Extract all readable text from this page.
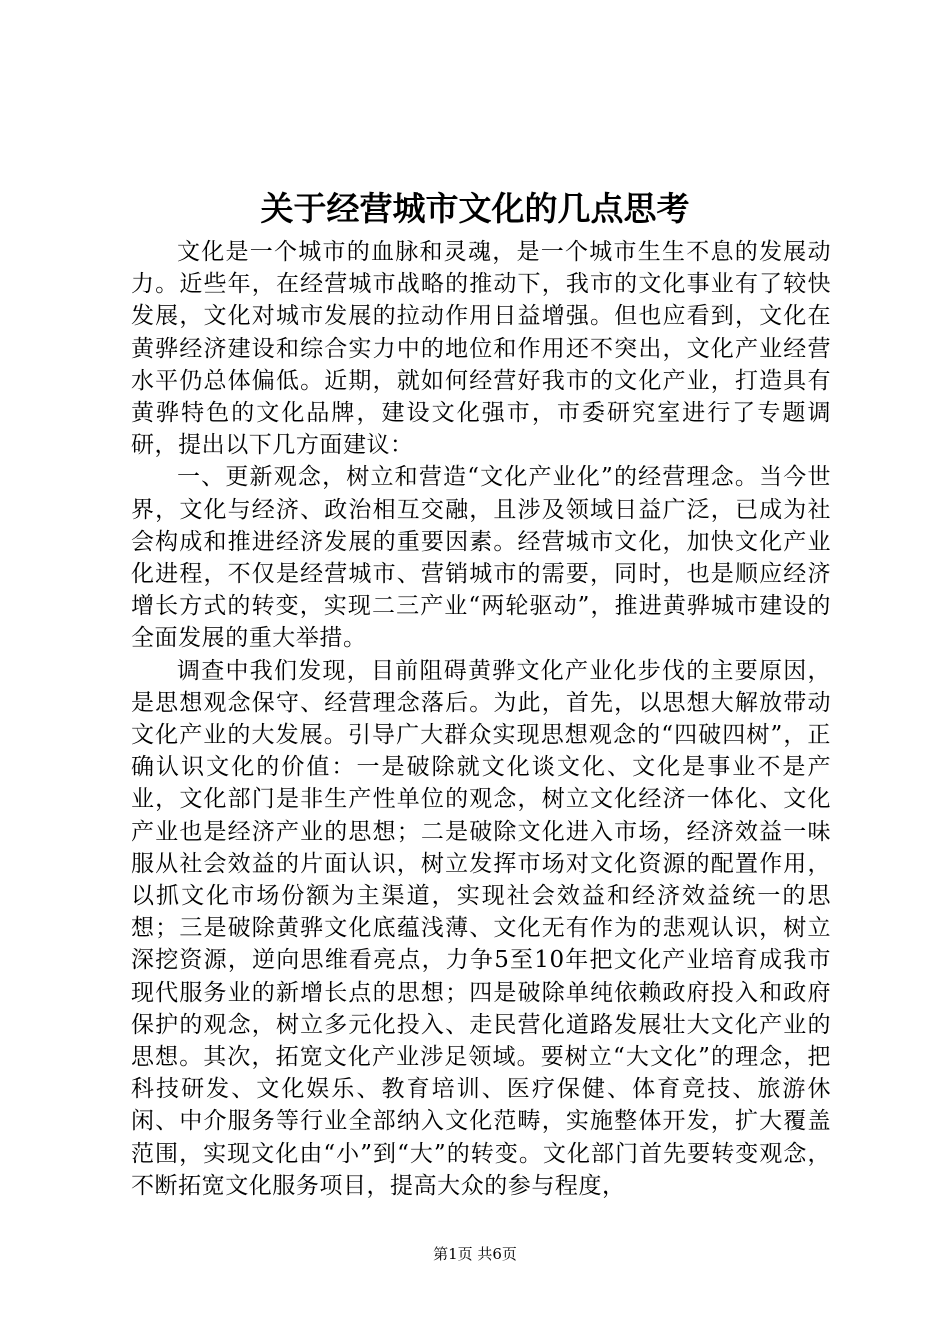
关于经营城市文化的几点思考

文化是一个城市的血脉和灵魂，是一个城市生生不息的发展动力。近些年，在经营城市战略的推动下，我市的文化事业有了较快发展，文化对城市发展的拉动作用日益增强。但也应看到，文化在黄骅经济建设和综合实力中的地位和作用还不突出，文化产业经营水平仍总体偏低。近期，就如何经营好我市的文化产业，打造具有黄骅特色的文化品牌，建设文化强市，市委研究室进行了专题调研，提出以下几方面建议：

一、更新观念，树立和营造“文化产业化”的经营理念。当今世界，文化与经济、政治相互交融，且涉及领域日益广泛，已成为社会构成和推进经济发展的重要因素。经营城市文化，加快文化产业化进程，不仅是经营城市、营销城市的需要，同时，也是顺应经济增长方式的转变，实现二三产业“两轮驱动”，推进黄骅城市建设的全面发展的重大举措。

调查中我们发现，目前阻碍黄骅文化产业化步伐的主要原因，是思想观念保守、经营理念落后。为此，首先，以思想大解放带动文化产业的大发展。引导广大群众实现思想观念的“四破四树”，正确认识文化的价值：一是破除就文化谈文化、文化是事业不是产业，文化部门是非生产性单位的观念，树立文化经济一体化、文化产业也是经济产业的思想；二是破除文化进入市场，经济效益一味服从社会效益的片面认识，树立发挥市场对文化资源的配置作用，以抓文化市场份额为主渠道，实现社会效益和经济效益统一的思想；三是破除黄骅文化底蕴浅薄、文化无有作为的悲观认识，树立深挖资源，逆向思维看亮点，力争5至10年把文化产业培育成我市现代服务业的新增长点的思想；四是破除单纯依赖政府投入和政府保护的观念，树立多元化投入、走民营化道路发展壮大文化产业的思想。其次，拓宽文化产业涉足领域。要树立“大文化”的理念，把科技研发、文化娱乐、教育培训、医疗保健、体育竞技、旅游休闲、中介服务等行业全部纳入文化范畴，实施整体开发，扩大覆盖范围，实现文化由“小”到“大”的转变。文化部门首先要转变观念，不断拓宽文化服务项目，提高大众的参与程度，

第1页 共6页
